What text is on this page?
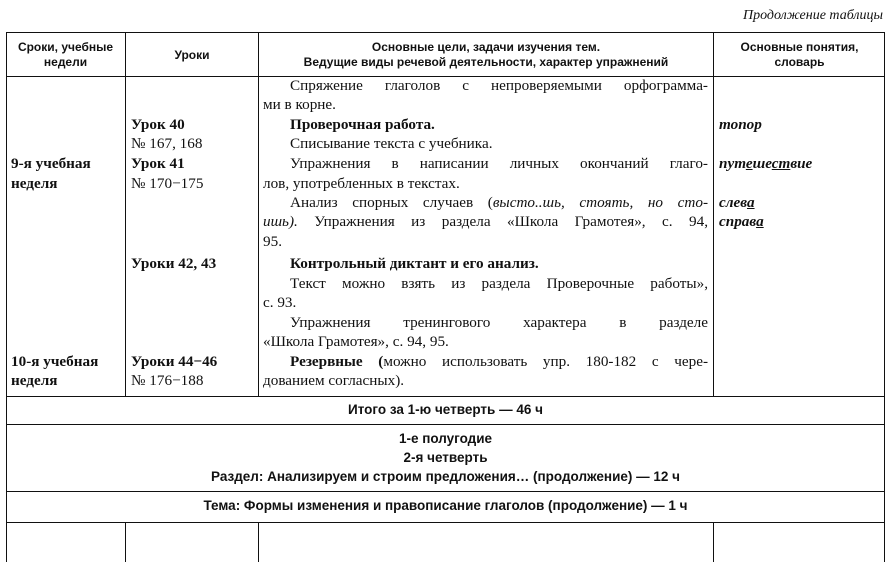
Продолжение таблицы
Сроки, учебные
недели
Уроки
Основные цели, задачи изучения тем.
Ведущие виды речевой деятельности, характер упражнений
Основные понятия,
словарь
9-я учебная
неделя
10-я учебная
неделя
Урок 40
№ 167, 168
Урок 41
№ 170−175
Уроки 42, 43
Уроки 44−46
№ 176−188
Спряжение глаголов с непроверяемыми орфограмма-
ми в корне.
Проверочная работа.
Списывание текста с учебника.
Упражнения в написании личных окончаний глаго-
лов, употребленных в текстах.
Анализ спорных случаев (высто..шь, стоять, но сто-
ишь). Упражнения из раздела «Школа Грамотея», с. 94,
95.
Контрольный диктант и его анализ.
Текст можно взять из раздела Проверочные работы»,
с. 93.
Упражнения тренингового характера в разделе
«Школа Грамотея», с. 94, 95.
Резервные (можно использовать упр. 180-182 с чере-
дованием согласных).
топор
путешествие
слева
справа
Итого за 1-ю четверть — 46 ч
1-е полугодие
2-я четверть
Раздел: Анализируем и строим предложения… (продолжение) — 12 ч
Тема: Формы изменения и правописание глаголов (продолжение) — 1 ч
